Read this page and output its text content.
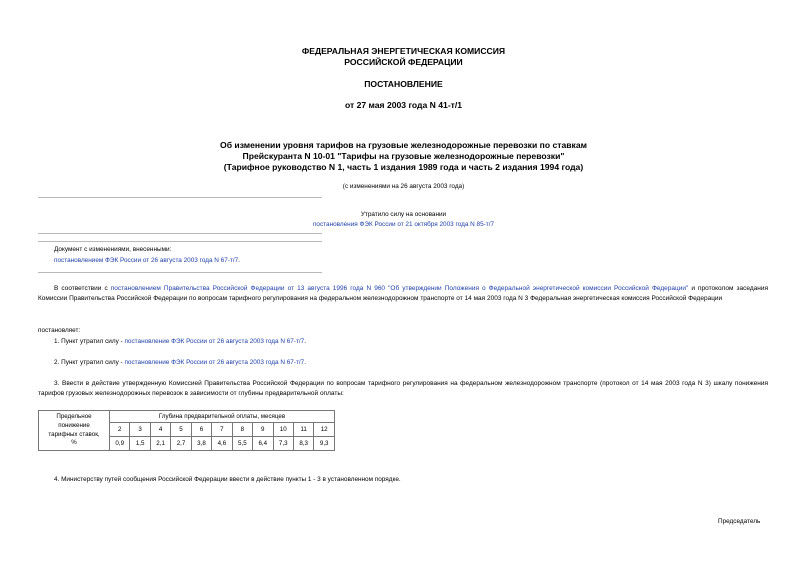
ФЕДЕРАЛЬНАЯ ЭНЕРГЕТИЧЕСКАЯ КОМИССИЯ
РОССИЙСКОЙ ФЕДЕРАЦИИ
ПОСТАНОВЛЕНИЕ
от 27 мая 2003 года N 41-т/1
Об изменении уровня тарифов на грузовые железнодорожные перевозки по ставкам
Прейскуранта N 10-01 "Тарифы на грузовые железнодорожные перевозки"
(Тарифное руководство N 1, часть 1 издания 1989 года и часть 2 издания 1994 года)
(с изменениями на 26 августа 2003 года)
Утратило силу на основании
постановления ФЭК России от 21 октября 2003 года N 85-т/7
Документ с изменениями, внесенными:
постановлением ФЭК России от 26 августа 2003 года N 67-т/7.
В соответствии с постановлением Правительства Российской Федерации от 13 августа 1996 года N 960 "Об утверждении Положения о Федеральной энергетической комиссии Российской Федерации" и протоколом заседания Комиссии Правительства Российской Федерации по вопросам тарифного регулирования на федеральном железнодорожном транспорте от 14 мая 2003 года N 3 Федеральная энергетическая комиссия Российской Федерации
постановляет:
1. Пункт утратил силу - постановление ФЭК России от 26 августа 2003 года N 67-т/7.
2. Пункт утратил силу - постановление ФЭК России от 26 августа 2003 года N 67-т/7.
3. Ввести в действие утвержденную Комиссией Правительства Российской Федерации по вопросам тарифного регулирования на федеральном железнодорожном транспорте (протокол от 14 мая 2003 года N 3) шкалу понижения тарифов грузовых железнодорожных перевозок в зависимости от глубины предварительной оплаты:
Предельное
понижение
тарифных ставок,
%	Глубина предварительной оплаты, месяцев										
	2	3	4	5	6	7	8	9	10	11	12
	0,9	1,5	2,1	2,7	3,8	4,6	5,5	6,4	7,3	8,3	9,3
4. Министерству путей сообщения Российской Федерации ввести в действие пункты 1 - 3 в установленном порядке.
Председатель
